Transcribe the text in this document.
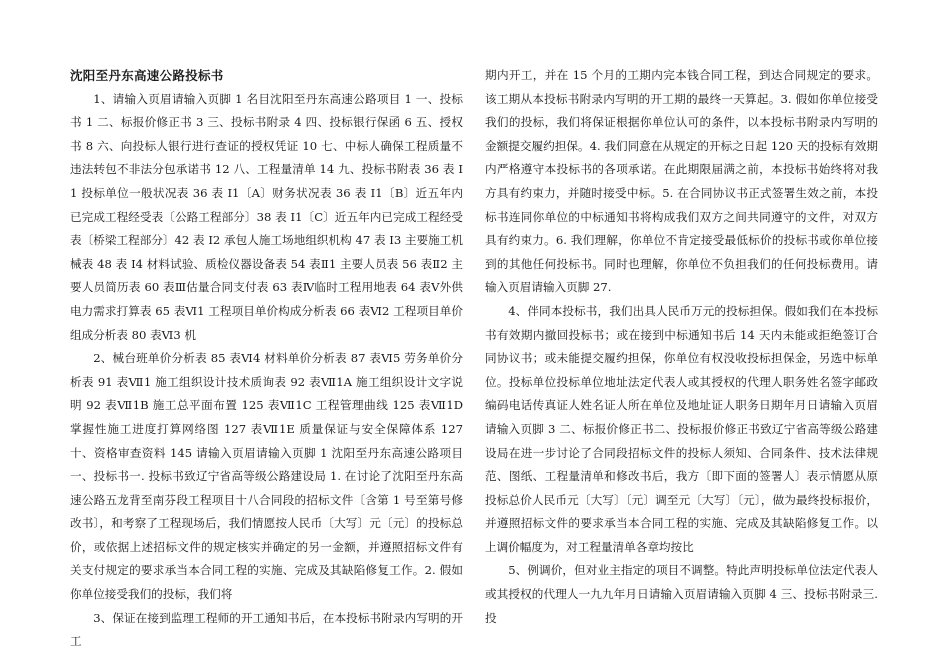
沈阳至丹东高速公路投标书

1、请输入页眉请输入页脚 1 名目沈阳至丹东高速公路项目 1 一、投标书 1 二、标报价修正书 3 三、投标书附录 4 四、投标银行保函 6 五、授权书 8 六、向投标人银行进行查证的授权凭证 10 七、中标人确保工程质量不违法转包不非法分包承诺书 12 八、工程量清单 14 九、投标书附表 36 表 I1 投标单位一般状况表 36 表 I1〔A〕财务状况表 36 表 I1〔B〕近五年内已完成工程经受表〔公路工程部分〕38 表 I1〔C〕近五年内已完成工程经受表〔桥梁工程部分〕42 表 I2 承包人施工场地组织机构 47 表 I3 主要施工机械表 48 表 I4 材料试验、质检仪器设备表 54 表Ⅱ1 主要人员表 56 表Ⅱ2 主要人员简历表 60 表Ⅲ估量合同支付表 63 表Ⅳ临时工程用地表 64 表Ⅴ外供电力需求打算表 65 表Ⅵ1 工程项目单价构成分析表 66 表Ⅵ2 工程项目单价组成分析表 80 表Ⅵ3 机

2、械台班单价分析表 85 表Ⅵ4 材料单价分析表 87 表Ⅵ5 劳务单价分析表 91 表Ⅶ1 施工组织设计技术质询表 92 表Ⅶ1A 施工组织设计文字说明 92 表Ⅶ1B 施工总平面布置 125 表Ⅶ1C 工程管理曲线 125 表Ⅶ1D 掌握性施工进度打算网络图 127 表Ⅶ1E 质量保证与安全保障体系 127 十、资格审查资料 145 请输入页眉请输入页脚 1 沈阳至丹东高速公路项目一、投标书一. 投标书致辽宁省高等级公路建设局 1. 在讨论了沈阳至丹东高速公路五龙背至南芬段工程项目十八合同段的招标文件〔含第 1 号至第号修改书〕，和考察了工程现场后，我们情愿按人民币〔大写〕元〔元〕的投标总价，或依据上述招标文件的规定核实并确定的另一金额，并遵照招标文件有关支付规定的要求承当本合同工程的实施、完成及其缺陷修复工作。2. 假如你单位接受我们的投标，我们将

3、保证在接到监理工程师的开工通知书后，在本投标书附录内写明的开工

期内开工，并在 15 个月的工期内完本钱合同工程，到达合同规定的要求。该工期从本投标书附录内写明的开工期的最终一天算起。3. 假如你单位接受我们的投标，我们将保证根据你单位认可的条件，以本投标书附录内写明的金额提交履约担保。4. 我们同意在从规定的开标之日起 120 天的投标有效期内严格遵守本投标书的各项承诺。在此期限届满之前，本投标书始终将对我方具有约束力，并随时接受中标。5. 在合同协议书正式签署生效之前，本投标书连同你单位的中标通知书将构成我们双方之间共同遵守的文件，对双方具有约束力。6. 我们理解，你单位不肯定接受最低标价的投标书或你单位接到的其他任何投标书。同时也理解，你单位不负担我们的任何投标费用。请输入页眉请输入页脚 27.

4、伴同本投标书，我们出具人民币万元的投标担保。假如我们在本投标书有效期内撤回投标书；或在接到中标通知书后 14 天内未能或拒绝签订合同协议书；或未能提交履约担保，你单位有权没收投标担保金，另选中标单位。投标单位投标单位地址法定代表人或其授权的代理人职务姓名签字邮政编码电话传真证人姓名证人所在单位及地址证人职务日期年月日请输入页眉请输入页脚 3 二、标报价修正书二、投标报价修正书致辽宁省高等级公路建设局在进一步讨论了合同段招标文件的投标人须知、合同条件、技术法律规范、图纸、工程量清单和修改书后，我方〔即下面的签署人〕表示情愿从原投标总价人民币元〔大写〕〔元〕调至元〔大写〕〔元〕，做为最终投标报价，并遵照招标文件的要求承当本合同工程的实施、完成及其缺陷修复工作。以上调价幅度为，对工程量清单各章均按比

5、例调价，但对业主指定的项目不调整。特此声明投标单位法定代表人或其授权的代理人一九九年月日请输入页眉请输入页脚 4 三、投标书附录三. 投
